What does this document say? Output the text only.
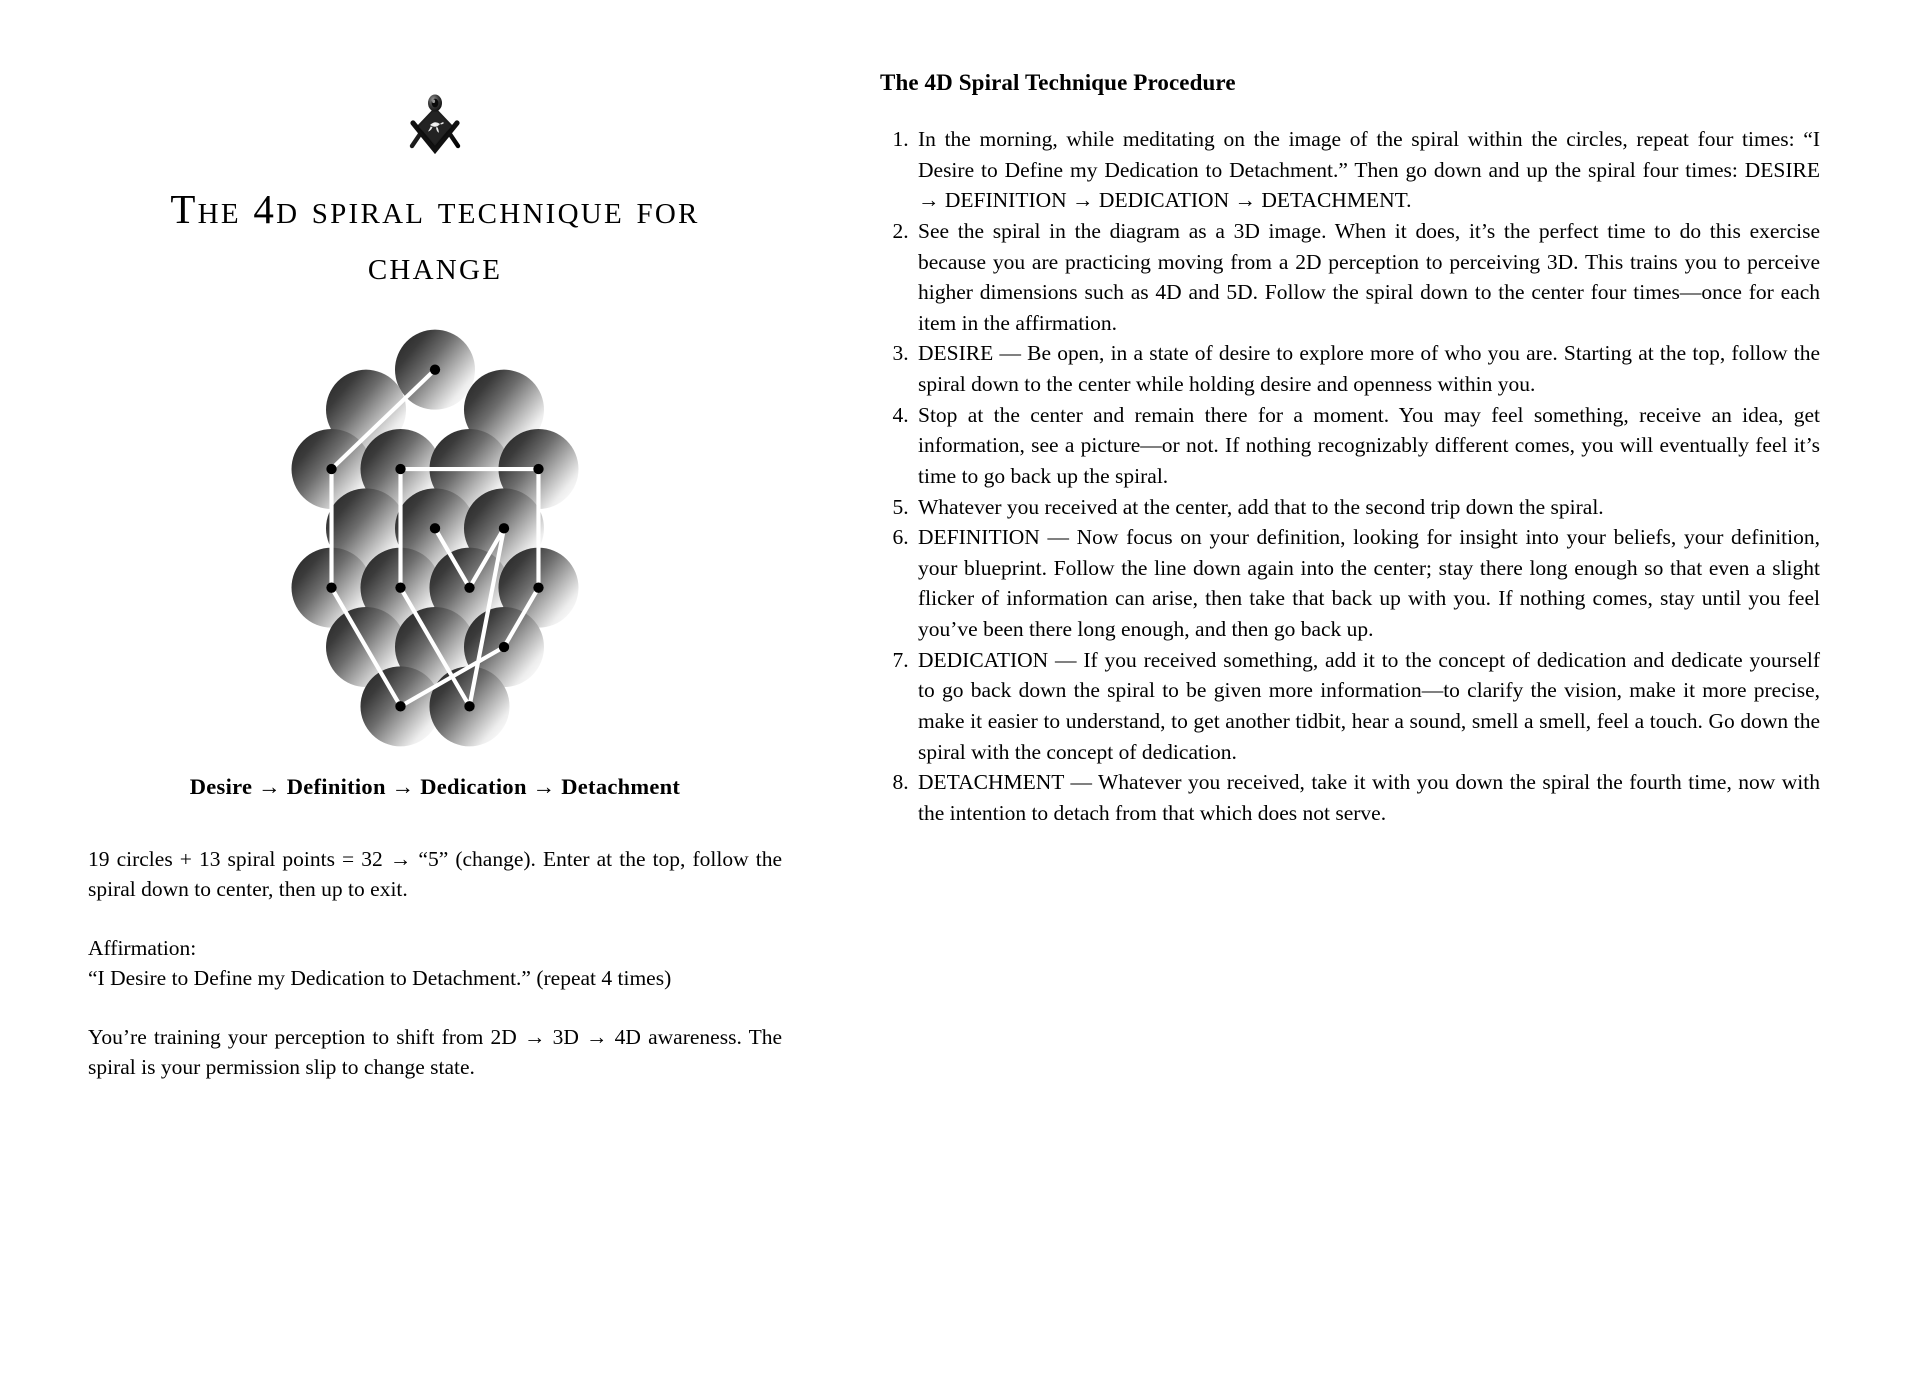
The 4d spiral technique for change
Desire → Definition → Dedication → Detachment

19 circles + 13 spiral points = 32 → “5” (change). Enter at the top, follow the spiral down to center, then up to exit.

Affirmation:

“I Desire to Define my Dedication to Detachment.” (repeat 4 times)

You’re training your perception to shift from 2D → 3D → 4D awareness. The spiral is your permission slip to change state.

The 4D Spiral Technique Procedure
1. In the morning, while meditating on the image of the spiral within the circles, repeat four times: “I Desire to Define my Dedication to Detachment.” Then go down and up the spiral four times: DESIRE → DEFINITION → DEDICATION → DETACHMENT.
2. See the spiral in the diagram as a 3D image. When it does, it’s the perfect time to do this exercise because you are practicing moving from a 2D perception to perceiving 3D. This trains you to perceive higher dimensions such as 4D and 5D. Follow the spiral down to the center four times—once for each item in the affirmation.
3. DESIRE — Be open, in a state of desire to explore more of who you are. Starting at the top, follow the spiral down to the center while holding desire and openness within you.
4. Stop at the center and remain there for a moment. You may feel something, receive an idea, get information, see a picture—or not. If nothing recognizably different comes, you will eventually feel it’s time to go back up the spiral.
5. Whatever you received at the center, add that to the second trip down the spiral.
6. DEFINITION — Now focus on your definition, looking for insight into your beliefs, your definition, your blueprint. Follow the line down again into the center; stay there long enough so that even a slight flicker of information can arise, then take that back up with you. If nothing comes, stay until you feel you’ve been there long enough, and then go back up.
7. DEDICATION — If you received something, add it to the concept of dedication and dedicate yourself to go back down the spiral to be given more information—to clarify the vision, make it more precise, make it easier to understand, to get another tidbit, hear a sound, smell a smell, feel a touch. Go down the spiral with the concept of dedication.
8. DETACHMENT — Whatever you received, take it with you down the spiral the fourth time, now with the intention to detach from that which does not serve.
